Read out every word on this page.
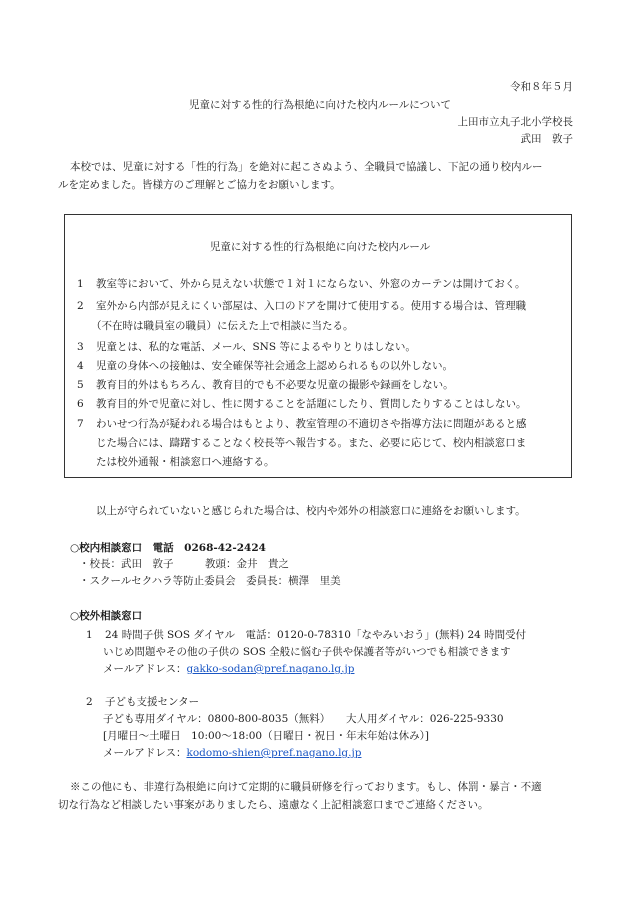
令和８年５月
児童に対する性的行為根絶に向けた校内ルールについて
上田市立丸子北小学校長
武田　敦子
本校では、児童に対する「性的行為」を絶対に起こさぬよう、全職員で協議し、下記の通り校内ルー
ルを定めました。皆様方のご理解とご協力をお願いします。
児童に対する性的行為根絶に向けた校内ルール
1 教室等において、外から見えない状態で１対１にならない、外窓のカーテンは開けておく。
2 室外から内部が見えにくい部屋は、入口のドアを開けて使用する。使用する場合は、管理職
（不在時は職員室の職員）に伝えた上で相談に当たる。
3 児童とは、私的な電話、メール、SNS 等によるやりとりはしない。
4 児童の身体への接触は、安全確保等社会通念上認められるもの以外しない。
5 教育目的外はもちろん、教育目的でも不必要な児童の撮影や録画をしない。
6 教育目的外で児童に対し、性に関することを話題にしたり、質問したりすることはしない。
7 わいせつ行為が疑われる場合はもとより、教室管理の不適切さや指導方法に問題があると感
じた場合には、躊躇することなく校長等へ報告する。また、必要に応じて、校内相談窓口ま
たは校外通報・相談窓口へ連絡する。
以上が守られていないと感じられた場合は、校内や郊外の相談窓口に連絡をお願いします。
○校内相談窓口　電話　0268-42-2424
・校長：武田　敦子　　　教頭：金井　貴之
・スクールセクハラ等防止委員会　委員長：横澤　里美
○校外相談窓口
1 24 時間子供 SOS ダイヤル　電話：0120-0-78310「なやみいおう」(無料) 24 時間受付
いじめ問題やその他の子供の SOS 全般に悩む子供や保護者等がいつでも相談できます
メールアドレス：gakko-sodan@pref.nagano.lg.jp
2 子ども支援センター
子ども専用ダイヤル：0800-800-8035（無料）　　大人用ダイヤル：026-225-9330
[月曜日～土曜日　10:00～18:00（日曜日・祝日・年末年始は休み）]
メールアドレス：kodomo-shien@pref.nagano.lg.jp
※この他にも、非違行為根絶に向けて定期的に職員研修を行っております。もし、体罰・暴言・不適
切な行為など相談したい事案がありましたら、遠慮なく上記相談窓口までご連絡ください。
